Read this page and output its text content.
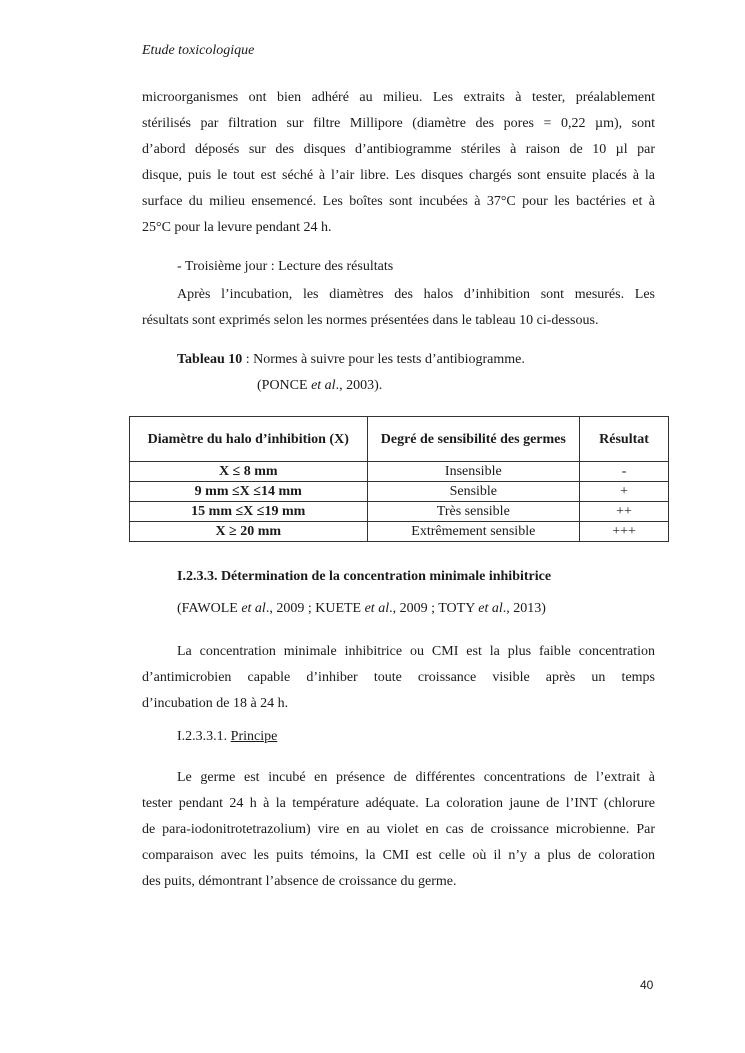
Etude toxicologique
microorganismes ont bien adhéré au milieu. Les extraits à tester, préalablement
stérilisés par filtration sur filtre Millipore (diamètre des pores = 0,22 µm), sont
d’abord déposés sur des disques d’antibiogramme stériles à raison de 10 µl par
disque, puis le tout est séché à l’air libre. Les disques chargés sont ensuite placés à la
surface du milieu ensemencé. Les boîtes sont incubées à 37°C pour les bactéries et à
25°C pour la levure pendant 24 h.
- Troisième jour : Lecture des résultats
Après l’incubation, les diamètres des halos d’inhibition sont mesurés. Les
résultats sont exprimés selon les normes présentées dans le tableau 10 ci-dessous.
Tableau 10 : Normes à suivre pour les tests d’antibiogramme.
(PONCE et al., 2003).
Diamètre du halo d’inhibition (X)	Degré de sensibilité des germes	Résultat
X ≤ 8 mm	Insensible	-
9 mm ≤X ≤14 mm	Sensible	+
15 mm ≤X ≤19 mm	Très sensible	++
X ≥ 20 mm	Extrêmement sensible	+++
I.2.3.3. Détermination de la concentration minimale inhibitrice
(FAWOLE et al., 2009 ; KUETE et al., 2009 ; TOTY et al., 2013)
La concentration minimale inhibitrice ou CMI est la plus faible concentration
d’antimicrobien capable d’inhiber toute croissance visible après un temps
d’incubation de 18 à 24 h.
I.2.3.3.1. Principe
Le germe est incubé en présence de différentes concentrations de l’extrait à
tester pendant 24 h à la température adéquate. La coloration jaune de l’INT (chlorure
de para-iodonitrotetrazolium) vire en au violet en cas de croissance microbienne. Par
comparaison avec les puits témoins, la CMI est celle où il n’y a plus de coloration
des puits, démontrant l’absence de croissance du germe.
40
